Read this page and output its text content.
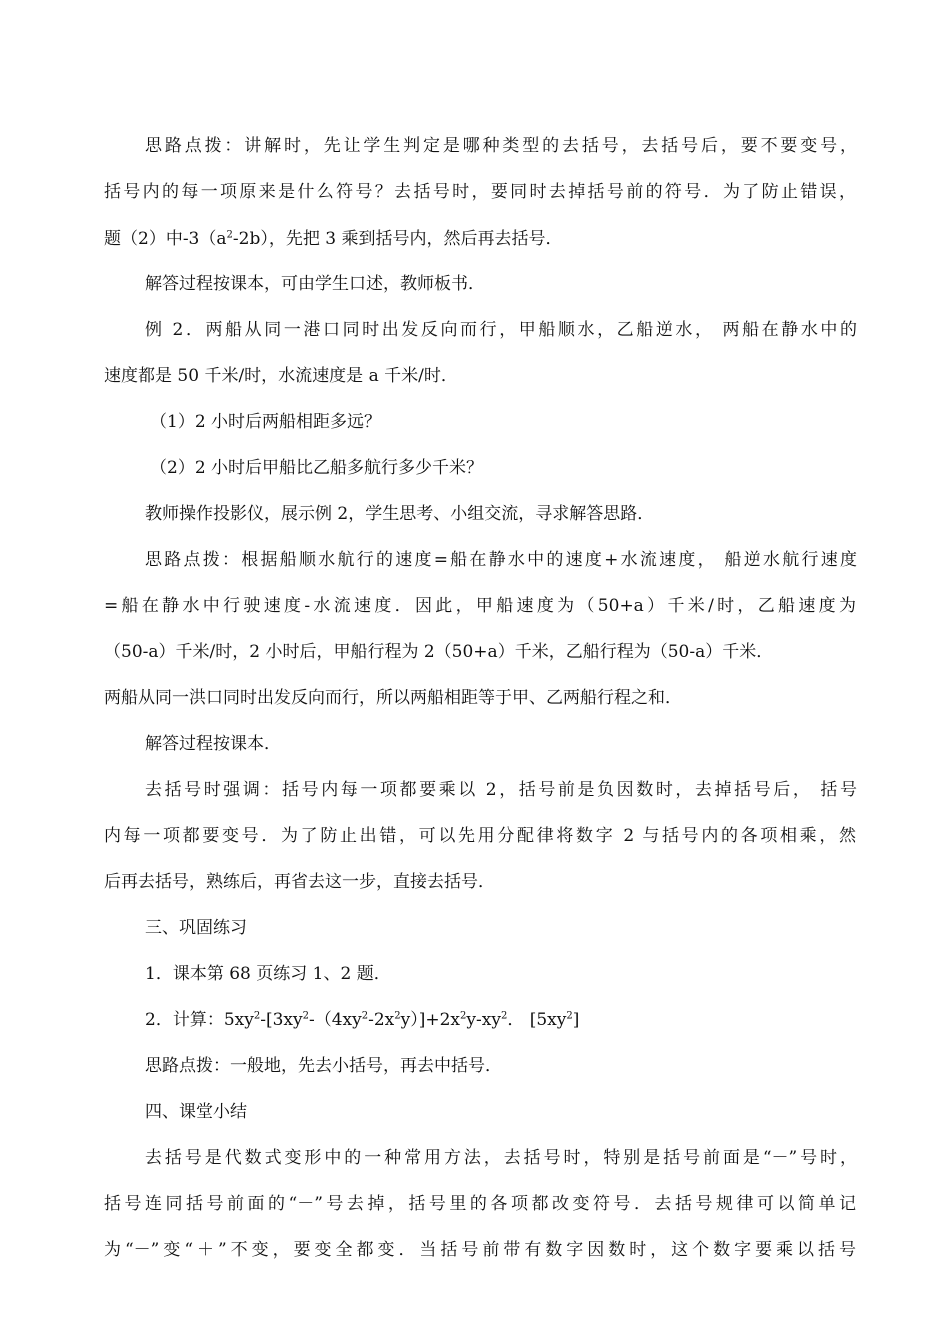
思路点拨：讲解时，先让学生判定是哪种类型的去括号，去括号后，要不要变号，
括号内的每一项原来是什么符号？去括号时，要同时去掉括号前的符号．为了防止错误，
题（2）中$-3(a^2-2b)$，先把 3 乘到括号内，然后再去括号．
解答过程按课本，可由学生口述，教师板书．
例 2．两船从同一港口同时出发反向而行，甲船顺水，乙船逆水， 两船在静水中的
速度都是 50 千米/时，水流速度是 a 千米/时．
（1）2 小时后两船相距多远？
（2）2 小时后甲船比乙船多航行多少千米？
教师操作投影仪，展示例 2，学生思考、小组交流，寻求解答思路．
思路点拨：根据船顺水航行的速度=船在静水中的速度+水流速度， 船逆水航行速度
=船在静水中行驶速度-水流速度．因此，甲船速度为（50+a）千米/时，乙船速度为
（50-a）千米/时，2 小时后，甲船行程为 2（50+a）千米，乙船行程为（50-a）千米．
两船从同一洪口同时出发反向而行，所以两船相距等于甲、乙两船行程之和．
解答过程按课本．
去括号时强调：括号内每一项都要乘以 2，括号前是负因数时，去掉括号后， 括号
内每一项都要变号．为了防止出错，可以先用分配律将数字 2 与括号内的各项相乘，然
后再去括号，熟练后，再省去这一步，直接去括号．
三、巩固练习
1．课本第 68 页练习 1、2 题．
2．计算：$5xy^2-[3xy^2-(4xy^2-2x^2y)]+2x^2y-xy^2$． $[5xy^2]$
思路点拨：一般地，先去小括号，再去中括号．
四、课堂小结
去括号是代数式变形中的一种常用方法，去括号时，特别是括号前面是“－”号时，
括号连同括号前面的“－”号去掉，括号里的各项都改变符号．去括号规律可以简单记
为“－”变“＋”不变，要变全都变．当括号前带有数字因数时，这个数字要乘以括号
